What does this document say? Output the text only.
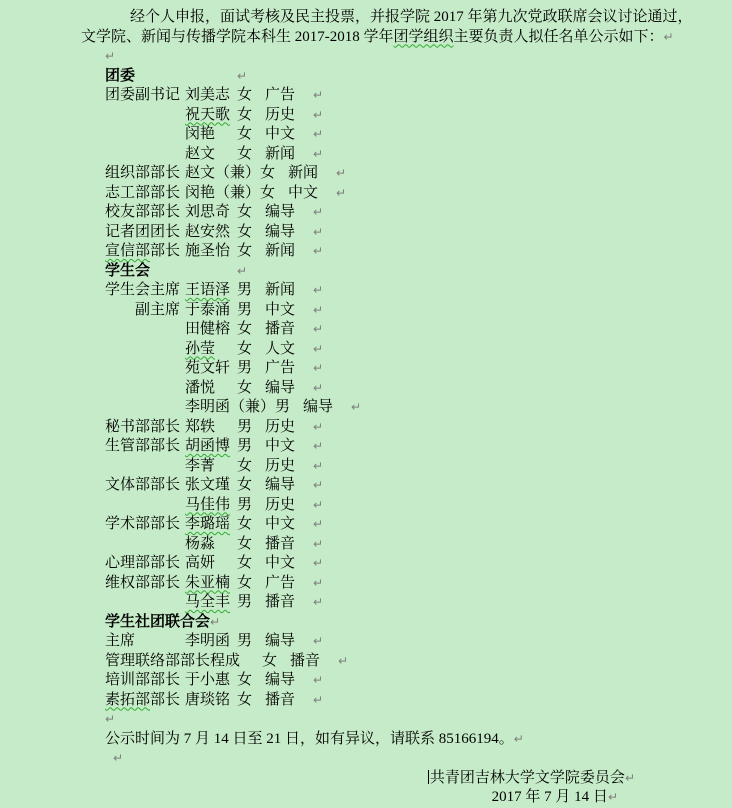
经个人申报，面试考核及民主投票，并报学院 2017 年第九次党政联席会议讨论通过，
文学院、新闻与传播学院本科生 2017-2018 学年团学组织主要负责人拟任名单公示如下：↵
↵
团委	↵
团委副书记 刘美志 女 广告	↵
祝天歌 女 历史	↵
闵艳	女 中文	↵
赵文	女 新闻	↵
组织部部长 赵文（兼） 女 新闻	↵
志工部部长 闵艳（兼） 女 中文	↵
校友部部长 刘思奇 女 编导	↵
记者团团长 赵安然 女 编导	↵
宣信部部长 施圣怡 女 新闻	↵
学生会	↵
学生会主席 王语泽 男 新闻	↵
　　副主席 于泰涌 男 中文	↵
田健榕 女 播音	↵
孙莹	女 人文	↵
苑文轩 男 广告	↵
潘悦	女 编导	↵
李明函（兼） 男 编导	↵
秘书部部长 郑轶	男 历史	↵
生管部部长 胡函博 男 中文	↵
李菁	女 历史	↵
文体部部长 张文瑾 女 编导	↵
马佳伟 男 历史	↵
学术部部长 李璐瑶 女 中文	↵
杨淼	女 播音	↵
心理部部长 高妍	女 中文	↵
维权部部长 朱亚楠 女 广告	↵
马全丰 男 播音	↵
学生社团联合会↵
主席	李明函 男 编导	↵
管理联络部部长 程成	女 播音	↵
培训部部长 于小惠 女 编导	↵
素拓部部长 唐琰铭 女 播音	↵
↵
公示时间为 7 月 14 日至 21 日，如有异议，请联系 85166194。↵
↵
共青团吉林大学文学院委员会↵
2017 年 7 月 14 日↵
